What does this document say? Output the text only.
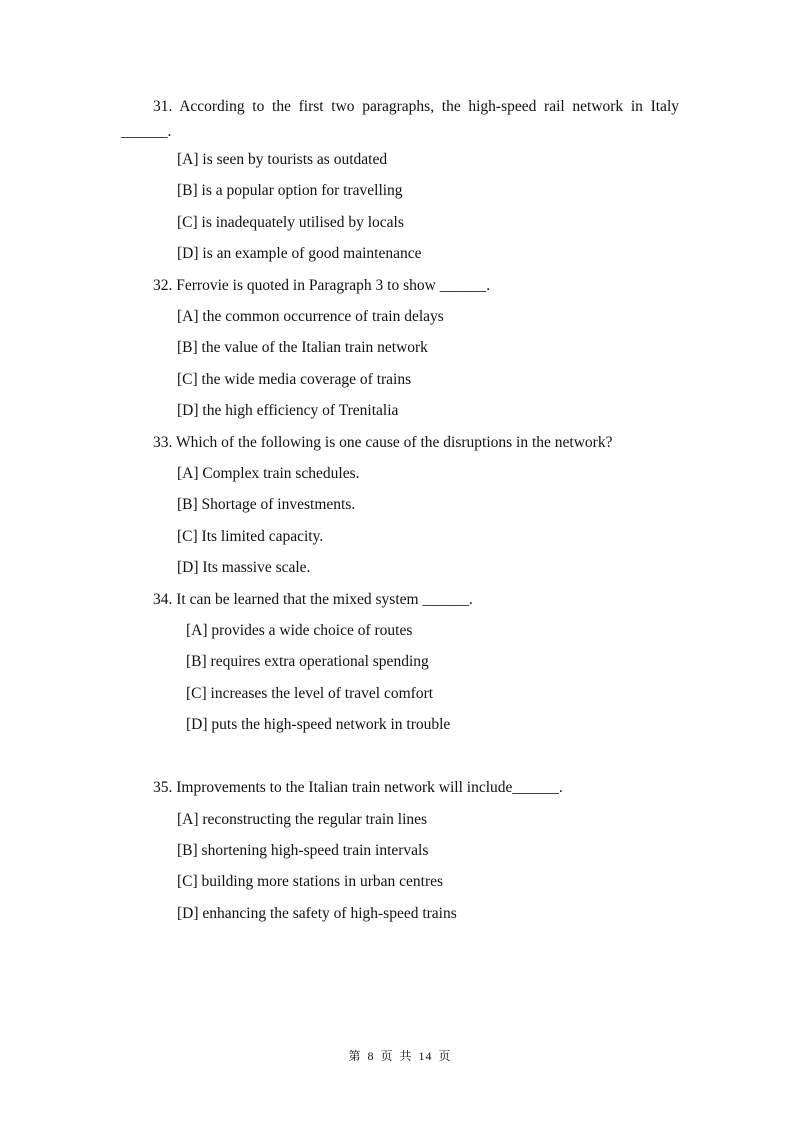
31. According to the first two paragraphs, the high-speed rail network in Italy
______.
[A] is seen by tourists as outdated
[B] is a popular option for travelling
[C] is inadequately utilised by locals
[D] is an example of good maintenance
32. Ferrovie is quoted in Paragraph 3 to show ______.
[A] the common occurrence of train delays
[B] the value of the Italian train network
[C] the wide media coverage of trains
[D] the high efficiency of Trenitalia
33. Which of the following is one cause of the disruptions in the network?
[A] Complex train schedules.
[B] Shortage of investments.
[C] Its limited capacity.
[D] Its massive scale.
34. It can be learned that the mixed system ______.
[A] provides a wide choice of routes
[B] requires extra operational spending
[C] increases the level of travel comfort
[D] puts the high-speed network in trouble
35. Improvements to the Italian train network will include______.
[A] reconstructing the regular train lines
[B] shortening high-speed train intervals
[C] building more stations in urban centres
[D] enhancing the safety of high-speed trains
第 8 页 共 14 页
